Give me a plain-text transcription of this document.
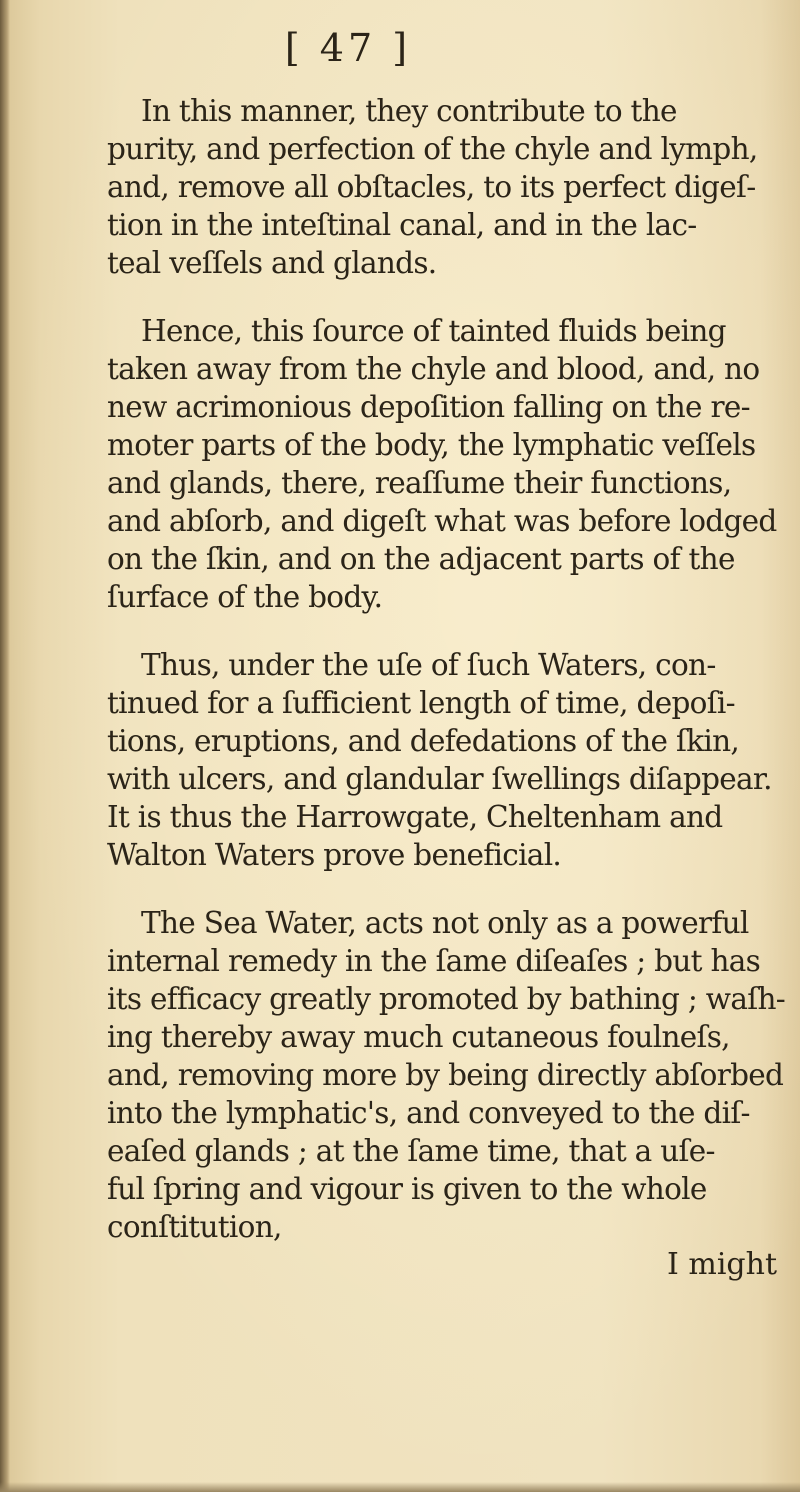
[ 47 ]
In this manner, they contribute to the
purity, and perfection of the chyle and lymph,
and, remove all obſtacles, to its perfect digeſ-
tion in the inteſtinal canal, and in the lac-
teal veſſels and glands.
Hence, this ſource of tainted fluids being
taken away from the chyle and blood, and, no
new acrimonious depoſition falling on the re-
moter parts of the body, the lymphatic veſſels
and glands, there, reaſſume their functions,
and abſorb, and digeſt what was before lodged
on the ſkin, and on the adjacent parts of the
ſurface of the body.
Thus, under the uſe of ſuch Waters, con-
tinued for a ſufficient length of time, depoſi-
tions, eruptions, and defedations of the ſkin,
with ulcers, and glandular ſwellings diſappear.
It is thus the Harrowgate, Cheltenham and
Walton Waters prove beneficial.
The Sea Water, acts not only as a powerful
internal remedy in the ſame diſeaſes ; but has
its efficacy greatly promoted by bathing ; waſh-
ing thereby away much cutaneous foulneſs,
and, removing more by being directly abſorbed
into the lymphatic's, and conveyed to the diſ-
eaſed glands ; at the ſame time, that a uſe-
ful ſpring and vigour is given to the whole
conſtitution,
I might
